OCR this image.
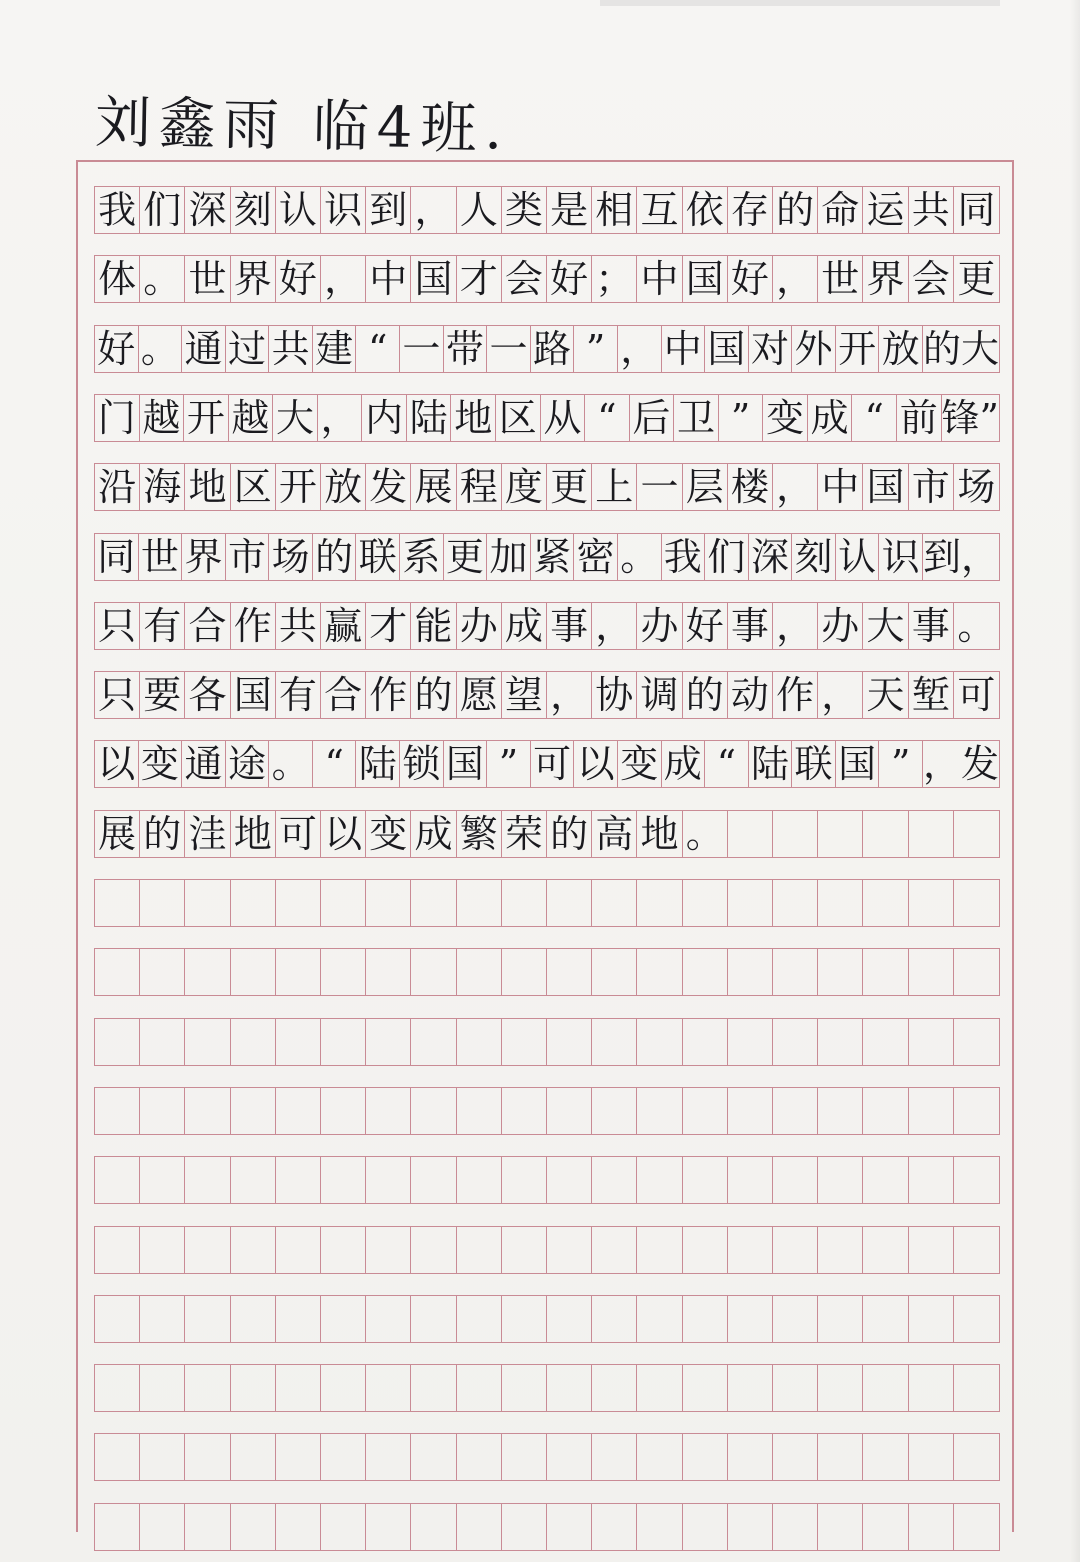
刘鑫雨 临4班.
我 们 深 刻 认 识 到 ， 人 类 是 相 互 依 存 的 命 运 共 同
体 。 世 界 好 ， 中 国 才 会 好 ； 中 国 好 ， 世 界 会 更
好 。 通 过 共 建 “ 一 带 一 路 ” ， 中 国 对 外 开 放 的大
门 越 开 越 大 ， 内 陆 地 区 从 “ 后 卫 ” 变 成 “ 前 锋”
沿 海 地 区 开 放 发 展 程 度 更 上 一 层 楼 ， 中 国 市 场
同 世 界 市 场 的 联 系 更 加 紧 密 。 我 们 深 刻 认 识 到，
只 有 合 作 共 赢 才 能 办 成 事 ， 办 好 事 ， 办 大 事 。
只 要 各 国 有 合 作 的 愿 望 ， 协 调 的 动 作 ， 天 堑 可
以 变 通 途 。 “ 陆 锁 国 ” 可 以 变 成 “ 陆 联 国 ” ，发
展 的 洼 地 可 以 变 成 繁 荣 的 高 地 。
